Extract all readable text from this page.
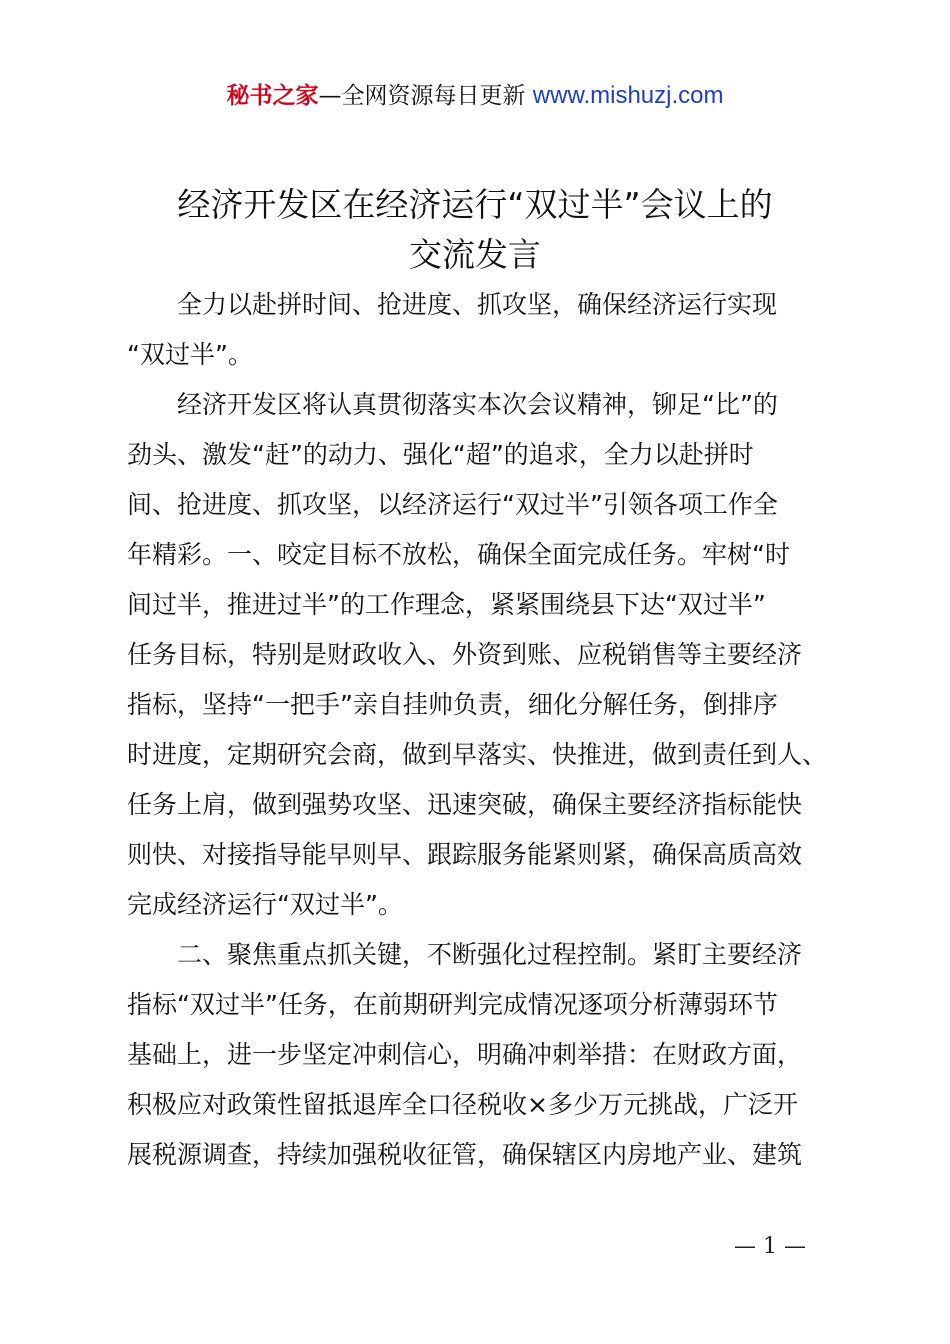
秘书之家—全网资源每日更新 www.mishuzj.com
经济开发区在经济运行“双过半”会议上的
交流发言
全力以赴拼时间、抢进度、抓攻坚，确保经济运行实现
“双过半”。
经济开发区将认真贯彻落实本次会议精神，铆足“比”的
劲头、激发“赶”的动力、强化“超”的追求，全力以赴拼时
间、抢进度、抓攻坚，以经济运行“双过半”引领各项工作全
年精彩。一、咬定目标不放松，确保全面完成任务。牢树“时
间过半，推进过半”的工作理念，紧紧围绕县下达“双过半”
任务目标，特别是财政收入、外资到账、应税销售等主要经济
指标，坚持“一把手”亲自挂帅负责，细化分解任务，倒排序
时进度，定期研究会商，做到早落实、快推进，做到责任到人、
任务上肩，做到强势攻坚、迅速突破，确保主要经济指标能快
则快、对接指导能早则早、跟踪服务能紧则紧，确保高质高效
完成经济运行“双过半”。
二、聚焦重点抓关键，不断强化过程控制。紧盯主要经济
指标“双过半”任务，在前期研判完成情况逐项分析薄弱环节
基础上，进一步坚定冲刺信心，明确冲刺举措：在财政方面，
积极应对政策性留抵退库全口径税收×多少万元挑战，广泛开
展税源调查，持续加强税收征管，确保辖区内房地产业、建筑
— 1 —
